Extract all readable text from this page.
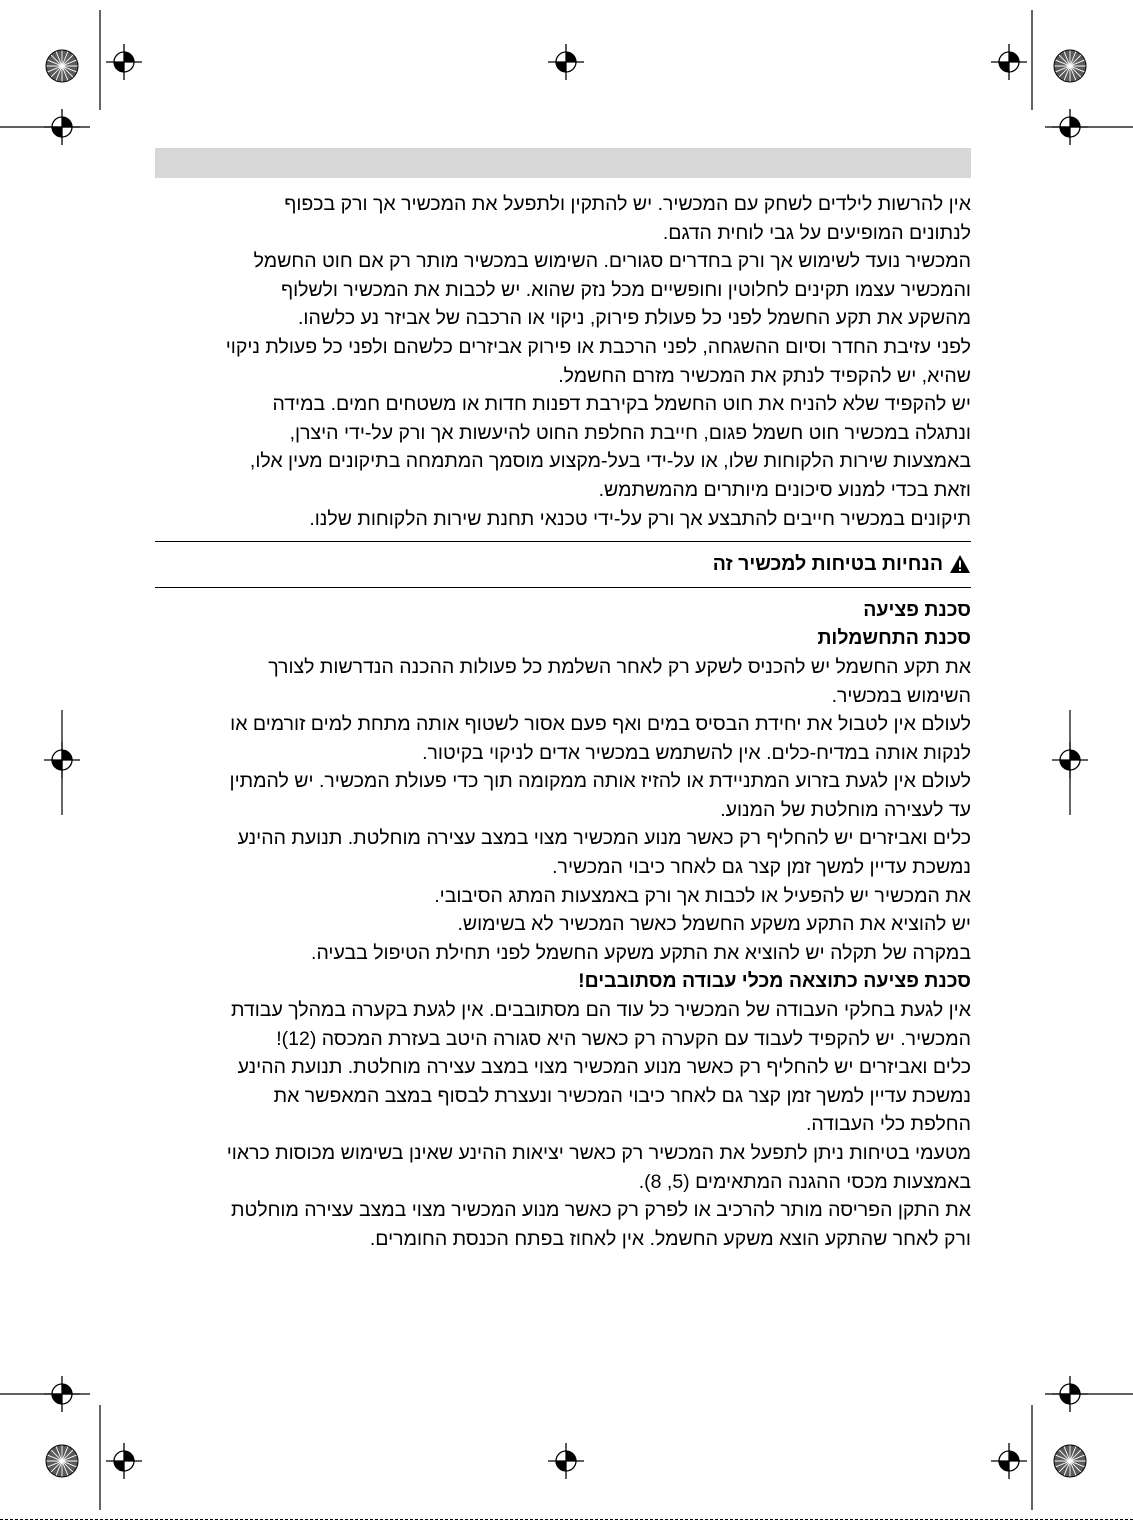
אין להרשות לילדים לשחק עם המכשיר. יש להתקין ולתפעל את המכשיר אך ורק בכפוף

לנתונים המופיעים על גבי לוחית הדגם.

המכשיר נועד לשימוש אך ורק בחדרים סגורים. השימוש במכשיר מותר רק אם חוט החשמל

והמכשיר עצמו תקינים לחלוטין וחופשיים מכל נזק שהוא. יש לכבות את המכשיר ולשלוף

מהשקע את תקע החשמל לפני כל פעולת פירוק, ניקוי או הרכבה של אביזר נע כלשהו.

לפני עזיבת החדר וסיום ההשגחה, לפני הרכבת או פירוק אביזרים כלשהם ולפני כל פעולת ניקוי

שהיא, יש להקפיד לנתק את המכשיר מזרם החשמל.

יש להקפיד שלא להניח את חוט החשמל בקירבת דפנות חדות או משטחים חמים. במידה

ונתגלה במכשיר חוט חשמל פגום, חייבת החלפת החוט להיעשות אך ורק על-ידי היצרן,

באמצעות שירות הלקוחות שלו, או על-ידי בעל-מקצוע מוסמך המתמחה בתיקונים מעין אלו,

וזאת בכדי למנוע סיכונים מיותרים מהמשתמש.

תיקונים במכשיר חייבים להתבצע אך ורק על-ידי טכנאי תחנת שירות הלקוחות שלנו.

הנחיות בטיחות למכשיר זה

סכנת פציעה

סכנת התחשמלות

את תקע החשמל יש להכניס לשקע רק לאחר השלמת כל פעולות ההכנה הנדרשות לצורך

השימוש במכשיר.

לעולם אין לטבול את יחידת הבסיס במים ואף פעם אסור לשטוף אותה מתחת למים זורמים או

לנקות אותה במדיח-כלים. אין להשתמש במכשיר אדים לניקוי בקיטור.

לעולם אין לגעת בזרוע המתניידת או להזיז אותה ממקומה תוך כדי פעולת המכשיר. יש להמתין

עד לעצירה מוחלטת של המנוע.

כלים ואביזרים יש להחליף רק כאשר מנוע המכשיר מצוי במצב עצירה מוחלטת. תנועת ההינע

נמשכת עדיין למשך זמן קצר גם לאחר כיבוי המכשיר.

את המכשיר יש להפעיל או לכבות אך ורק באמצעות המתג הסיבובי.

יש להוציא את התקע משקע החשמל כאשר המכשיר לא בשימוש.

במקרה של תקלה יש להוציא את התקע משקע החשמל לפני תחילת הטיפול בבעיה.

סכנת פציעה כתוצאה מכלי עבודה מסתובבים!

אין לגעת בחלקי העבודה של המכשיר כל עוד הם מסתובבים. אין לגעת בקערה במהלך עבודת

המכשיר. יש להקפיד לעבוד עם הקערה רק כאשר היא סגורה היטב בעזרת המכסה (12)!

כלים ואביזרים יש להחליף רק כאשר מנוע המכשיר מצוי במצב עצירה מוחלטת. תנועת ההינע

נמשכת עדיין למשך זמן קצר גם לאחר כיבוי המכשיר ונעצרת לבסוף במצב המאפשר את

החלפת כלי העבודה.

מטעמי בטיחות ניתן לתפעל את המכשיר רק כאשר יציאות ההינע שאינן בשימוש מכוסות כראוי

באמצעות מכסי ההגנה המתאימים (5, 8).

את התקן הפריסה מותר להרכיב או לפרק רק כאשר מנוע המכשיר מצוי במצב עצירה מוחלטת

ורק לאחר שהתקע הוצא משקע החשמל. אין לאחוז בפתח הכנסת החומרים.
